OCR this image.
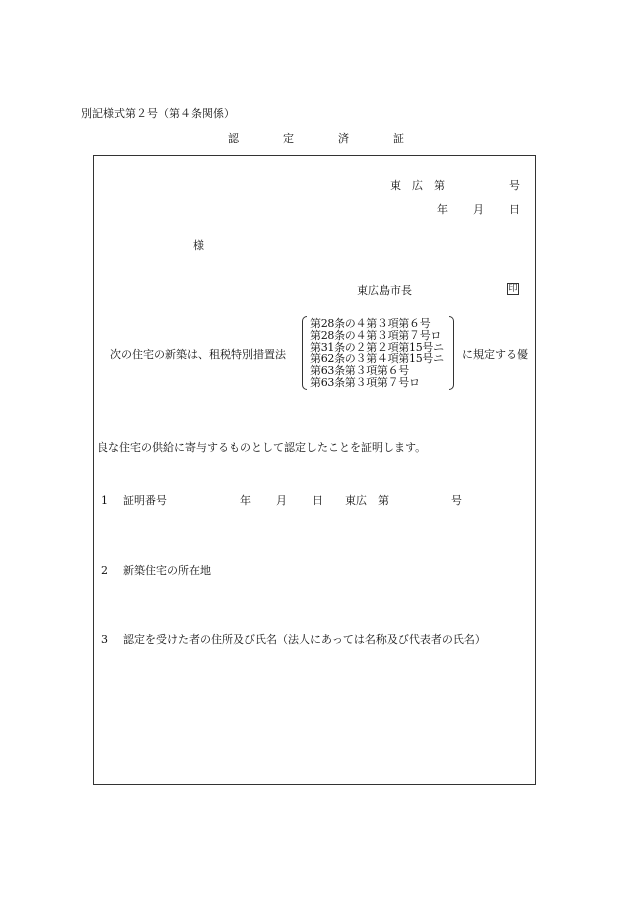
別記様式第２号（第４条関係）
認	定	済	証
東　広　第	号
年 月 日
様
東広島市長	印
次の住宅の新築は、租税特別措置法
第28条の４第３項第６号
第28条の４第３項第７号ロ
第31条の２第２項第15号ニ
第62条の３第４項第15号ニ
第63条第３項第６号
第63条第３項第７号ロ
に規定する優
良な住宅の供給に寄与するものとして認定したことを証明します。
1 証明番号	年 月 日 東広　第	号
2 新築住宅の所在地
3 認定を受けた者の住所及び氏名（法人にあっては名称及び代表者の氏名）
